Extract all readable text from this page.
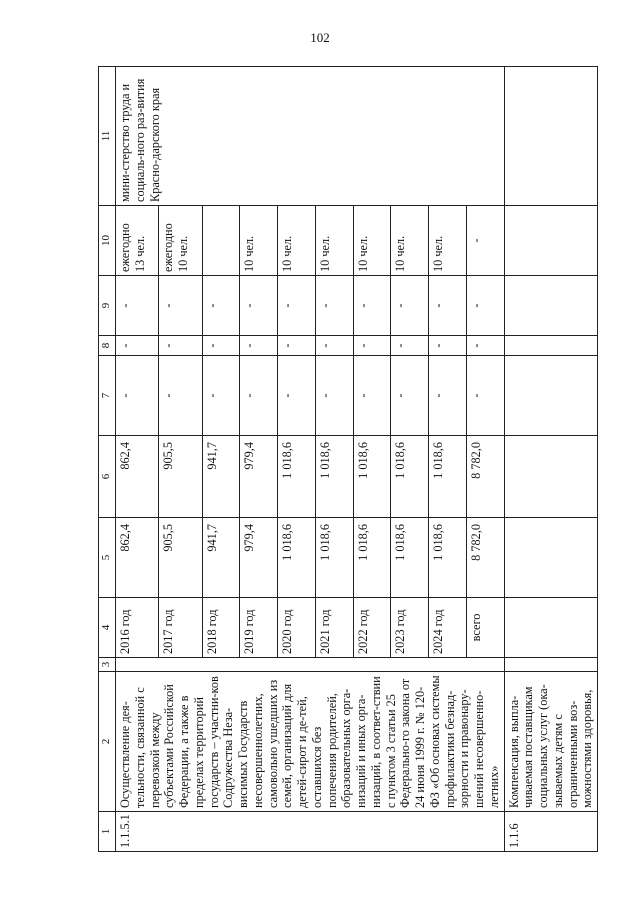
102
1	2	3	4	5	6	7	8	9	10	11
1.1.5.1	Осуществление дея-тельности, связанной с перевозкой между субъектами Российской Федерации, а также в пределах территорий государств – участни-ков Содружества Неза-висимых Государств несовершеннолетних, самовольно ушедших из семей, организаций для детей-сирот и де-тей, оставшихся без попечения родителей, образовательных орга-низаций и иных орга-низаций, в соответ-ствии с пунктом 3 статьи 25 Федерально-го закона от 24 июня 1999 г. № 120-ФЗ «Об основах системы профилактики безнад-зорности и правонару-шений несовершенно-летних»		2016 год	862,4	862,4	-	-	-	ежегодно 13 чел.	мини-стерство труда и социаль-ного раз-вития Красно-дарского края
			2017 год	905,5	905,5	-	-	-	ежегодно 10 чел.	
			2018 год	941,7	941,7	-	-	-		
			2019 год	979,4	979,4	-	-	-	10 чел.	
			2020 год	1 018,6	1 018,6	-	-	-	10 чел.	
			2021 год	1 018,6	1 018,6	-	-	-	10 чел.	
			2022 год	1 018,6	1 018,6	-	-	-	10 чел.	
			2023 год	1 018,6	1 018,6	-	-	-	10 чел.	
			2024 год	1 018,6	1 018,6	-	-	-	10 чел.	
			всего	8 782,0	8 782,0	-	-	-	-	
1.1.6	Компенсация, выпла-чиваемая поставщикам социальных услуг (ока-зываемых детям с ограниченными воз-можностями здоровья,									
